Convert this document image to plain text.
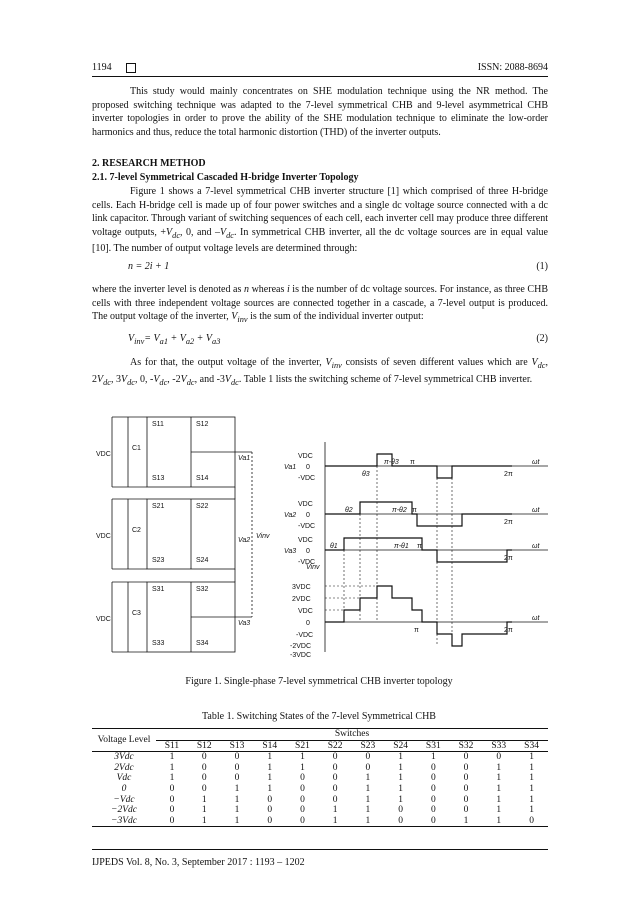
1194	ISSN: 2088-8694
This study would mainly concentrates on SHE modulation technique using the NR method. The proposed switching technique was adapted to the 7-level symmetrical CHB and 9-level asymmetrical CHB inverter topologies in order to prove the ability of the SHE modulation technique to eliminate the low-order harmonics and thus, reduce the total harmonic distortion (THD) of the inverter outputs.
2. RESEARCH METHOD
2.1. 7-level Symmetrical Cascaded H-bridge Inverter Topology
Figure 1 shows a 7-level symmetrical CHB inverter structure [1] which comprised of three H-bridge cells. Each H-bridge cell is made up of four power switches and a single dc voltage source connected with a dc link capacitor. Through variant of switching sequences of each cell, each inverter cell may produce three different voltage outputs, $+V_{dc}$, 0, and $-V_{dc}$. In symmetrical CHB inverter, all the dc voltage sources are in equal value [10]. The number of output voltage levels are determined through:
n = 2i + 1	(1)
where the inverter level is denoted as n whereas i is the number of dc voltage sources. For instance, as three CHB cells with three independent voltage sources are connected together in a cascade, a 7-level output is produced. The output voltage of the inverter, $V_{inv}$ is the sum of the individual inverter output:
$V_{inv}= V_{a1} + V_{a2} + V_{a3}$	(2)
As for that, the output voltage of the inverter, $V_{inv}$ consists of seven different values which are $V_{dc}$, $2V_{dc}$, $3V_{dc}$, 0, $-V_{dc}$, $-2V_{dc}$, and $-3V_{dc}$. Table 1 lists the switching scheme of 7-level symmetrical CHB inverter.
VDC
VDC
VDC
C1
C2
C3
S11	S12
S13	S14
S21	S22
S23	S24
S31	S32
S33	S34
Va1
Va2
Va3
Vinv
VDC
0
-VDC
Va1
VDC
0
-VDC
Va2
VDC
0
-VDC
Va3
ωt
ωt
ωt
ωt
π
π
π
π
2π
2π
2π
2π
θ3
π-θ3
θ2	π-θ2
θ1	π-θ1
Vinv
3VDC
2VDC
VDC
0
-VDC
-2VDC
-3VDC
Figure 1. Single-phase 7-level symmetrical CHB inverter topology
Table 1. Switching States of the 7-level Symmetrical CHB
Voltage Level	Switches											
	S11	S12	S13	S14	S21	S22	S23	S24	S31	S32	S33	S34
3Vdc	1	0	0	1	1	0	0	1	1	0	0	1
2Vdc	1	0	0	1	1	0	0	1	0	0	1	1
Vdc	1	0	0	1	0	0	1	1	0	0	1	1
0	0	0	1	1	0	0	1	1	0	0	1	1
−Vdc	0	1	1	0	0	0	1	1	0	0	1	1
−2Vdc	0	1	1	0	0	1	1	0	0	0	1	1
−3Vdc	0	1	1	0	0	1	1	0	0	1	1	0
IJPEDS Vol. 8, No. 3, September 2017 : 1193 – 1202
